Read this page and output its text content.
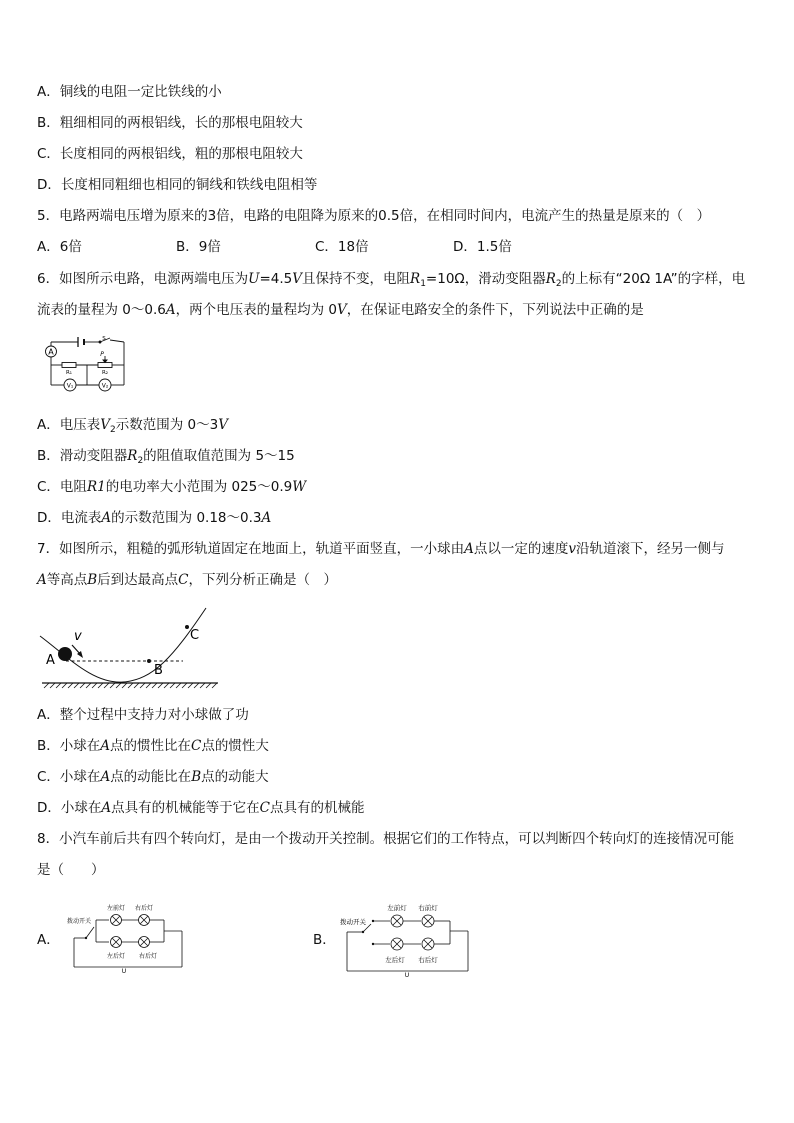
A．铜线的电阻一定比铁线的小
B．粗细相同的两根铝线，长的那根电阻较大
C．长度相同的两根铝线，粗的那根电阻较大
D．长度相同粗细也相同的铜线和铁线电阻相等
5．电路两端电压增为原来的3倍，电路的电阻降为原来的0.5倍，在相同时间内，电流产生的热量是原来的（　）
A．6倍	B．9倍	C．18倍	D．1.5倍
6．如图所示电路，电源两端电压为U=4.5V且保持不变，电阻$R_1=10\Omega$，滑动变阻器$R_2$的上标有“20Ω 1A”的字样，电
流表的量程为 0～0.6A，两个电压表的量程均为 0V，在保证电路安全的条件下，下列说法中正确的是
A
S
P
R₁	R₂
V₁	V₂
A．电压表$V_2$示数范围为 0～3V
B．滑动变阻器$R_2$的阻值取值范围为 5～15
C．电阻R1的电功率大小范围为 025～0.9W
D．电流表A的示数范围为 0.18～0.3A
7．如图所示，粗糙的弧形轨道固定在地面上，轨道平面竖直，一小球由A点以一定的速度v沿轨道滚下，经另一侧与
A等高点B后到达最高点C，下列分析正确是（　）
v
A
B
C
A．整个过程中支持力对小球做了功
B．小球在A点的惯性比在C点的惯性大
C．小球在A点的动能比在B点的动能大
D．小球在A点具有的机械能等于它在C点具有的机械能
8．小汽车前后共有四个转向灯，是由一个拨动开关控制。根据它们的工作特点，可以判断四个转向灯的连接情况可能
是（　　）
A．
拨动开关
左前灯 右后灯
左后灯 右后灯
U
B．
拨动开关
左前灯 右前灯
左后灯 右后灯
U
